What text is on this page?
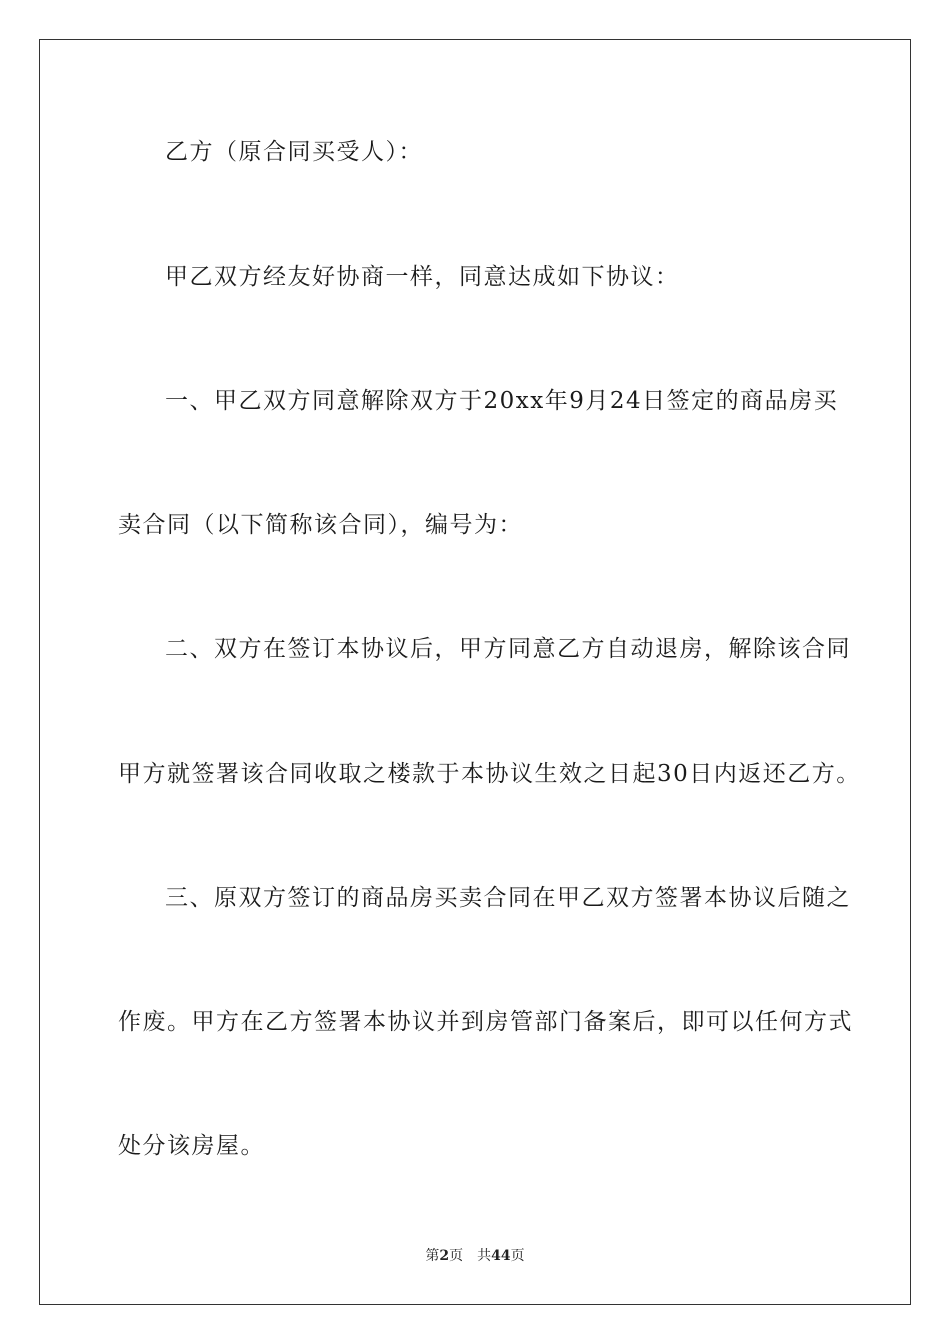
乙方（原合同买受人）：

甲乙双方经友好协商一样，同意达成如下协议：

一、甲乙双方同意解除双方于20xx年9月24日签定的商品房买

卖合同（以下简称该合同），编号为：

二、双方在签订本协议后，甲方同意乙方自动退房，解除该合同

甲方就签署该合同收取之楼款于本协议生效之日起30日内返还乙方。

三、原双方签订的商品房买卖合同在甲乙双方签署本协议后随之

作废。甲方在乙方签署本协议并到房管部门备案后，即可以任何方式

处分该房屋。

第2页 共44页
